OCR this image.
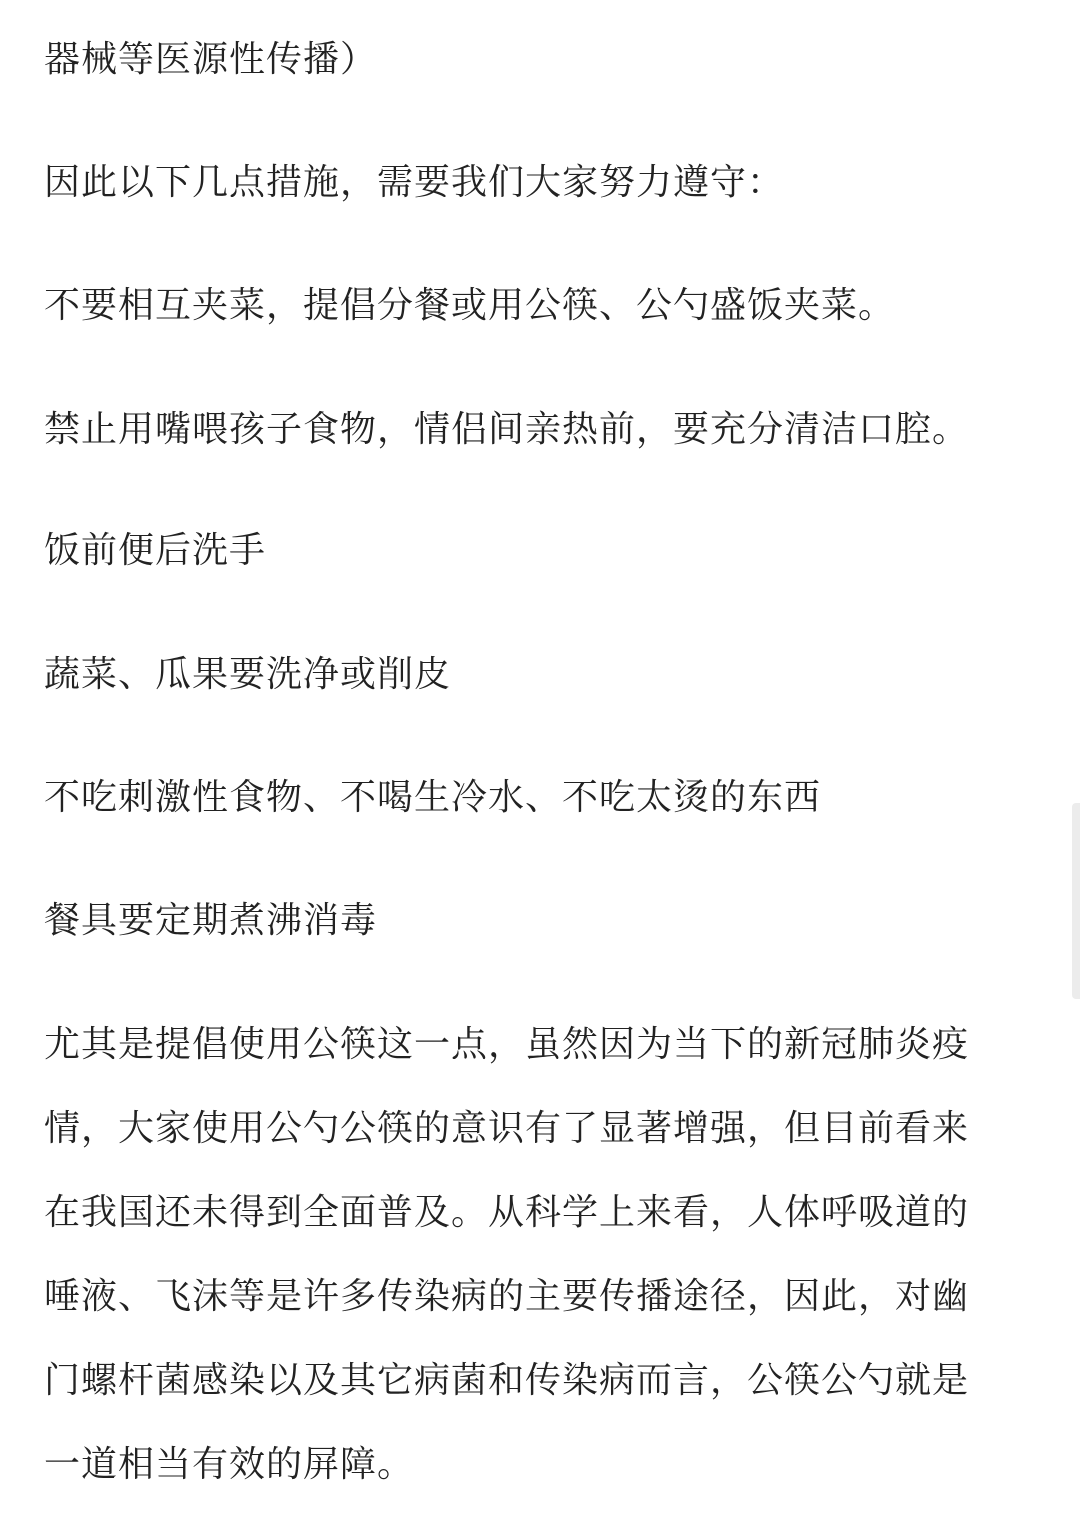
器械等医源性传播）

因此以下几点措施，需要我们大家努力遵守：

不要相互夹菜，提倡分餐或用公筷、公勺盛饭夹菜。

禁止用嘴喂孩子食物，情侣间亲热前，要充分清洁口腔。

饭前便后洗手

蔬菜、瓜果要洗净或削皮

不吃刺激性食物、不喝生冷水、不吃太烫的东西

餐具要定期煮沸消毒

尤其是提倡使用公筷这一点，虽然因为当下的新冠肺炎疫
情，大家使用公勺公筷的意识有了显著增强，但目前看来
在我国还未得到全面普及。从科学上来看，人体呼吸道的
唾液、飞沫等是许多传染病的主要传播途径，因此，对幽
门螺杆菌感染以及其它病菌和传染病而言，公筷公勺就是
一道相当有效的屏障。
